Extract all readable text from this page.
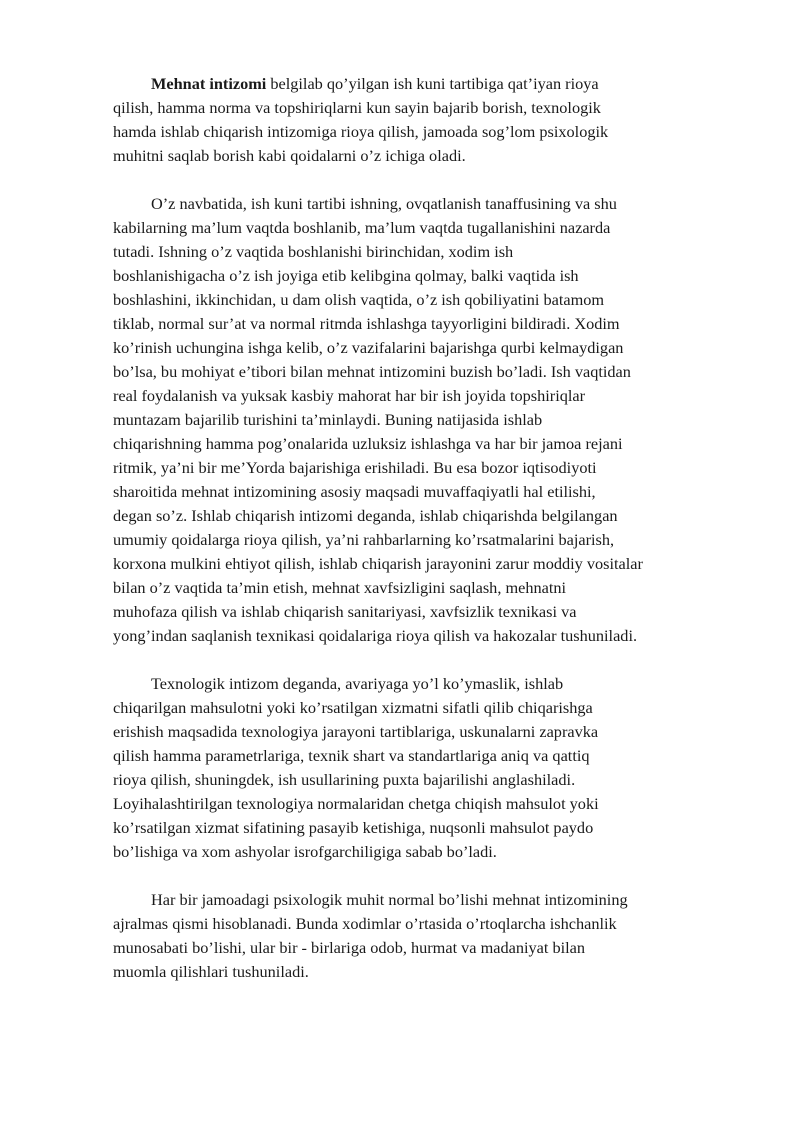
Mehnat intizomi belgilab qo’yilgan ish kuni tartibiga qat’iyan rioya
qilish, hamma norma va topshiriqlarni kun sayin bajarib borish, texnologik
hamda ishlab chiqarish intizomiga rioya qilish, jamoada sog’lom psixologik
muhitni saqlab borish kabi qoidalarni o’z ichiga oladi.
O’z navbatida, ish kuni tartibi ishning, ovqatlanish tanaffusining va shu
kabilarning ma’lum vaqtda boshlanib, ma’lum vaqtda tugallanishini nazarda
tutadi. Ishning o’z vaqtida boshlanishi birinchidan, xodim ish
boshlanishigacha o’z ish joyiga etib kelibgina qolmay, balki vaqtida ish
boshlashini, ikkinchidan, u dam olish vaqtida, o’z ish qobiliyatini batamom
tiklab, normal sur’at va normal ritmda ishlashga tayyorligini bildiradi. Xodim
ko’rinish uchungina ishga kelib, o’z vazifalarini bajarishga qurbi kelmaydigan
bo’lsa, bu mohiyat e’tibori bilan mehnat intizomini buzish bo’ladi. Ish vaqtidan
real foydalanish va yuksak kasbiy mahorat har bir ish joyida topshiriqlar
muntazam bajarilib turishini ta’minlaydi. Buning natijasida ishlab
chiqarishning hamma pog’onalarida uzluksiz ishlashga va har bir jamoa rejani
ritmik, ya’ni bir me’Yorda bajarishiga erishiladi. Bu esa bozor iqtisodiyoti
sharoitida mehnat intizomining asosiy maqsadi muvaffaqiyatli hal etilishi,
degan so’z. Ishlab chiqarish intizomi deganda, ishlab chiqarishda belgilangan
umumiy qoidalarga rioya qilish, ya’ni rahbarlarning ko’rsatmalarini bajarish,
korxona mulkini ehtiyot qilish, ishlab chiqarish jarayonini zarur moddiy vositalar
bilan o’z vaqtida ta’min etish, mehnat xavfsizligini saqlash, mehnatni
muhofaza qilish va ishlab chiqarish sanitariyasi, xavfsizlik texnikasi va
yong’indan saqlanish texnikasi qoidalariga rioya qilish va hakozalar tushuniladi.
Texnologik intizom deganda, avariyaga yo’l ko’ymaslik, ishlab
chiqarilgan mahsulotni yoki ko’rsatilgan xizmatni sifatli qilib chiqarishga
erishish maqsadida texnologiya jarayoni tartiblariga, uskunalarni zapravka
qilish hamma parametrlariga, texnik shart va standartlariga aniq va qattiq
rioya qilish, shuningdek, ish usullarining puxta bajarilishi anglashiladi.
Loyihalashtirilgan texnologiya normalaridan chetga chiqish mahsulot yoki
ko’rsatilgan xizmat sifatining pasayib ketishiga, nuqsonli mahsulot paydo
bo’lishiga va xom ashyolar isrofgarchiligiga sabab bo’ladi.
Har bir jamoadagi psixologik muhit normal bo’lishi mehnat intizomining
ajralmas qismi hisoblanadi. Bunda xodimlar o’rtasida o’rtoqlarcha ishchanlik
munosabati bo’lishi, ular bir - birlariga odob, hurmat va madaniyat bilan
muomla qilishlari tushuniladi.
